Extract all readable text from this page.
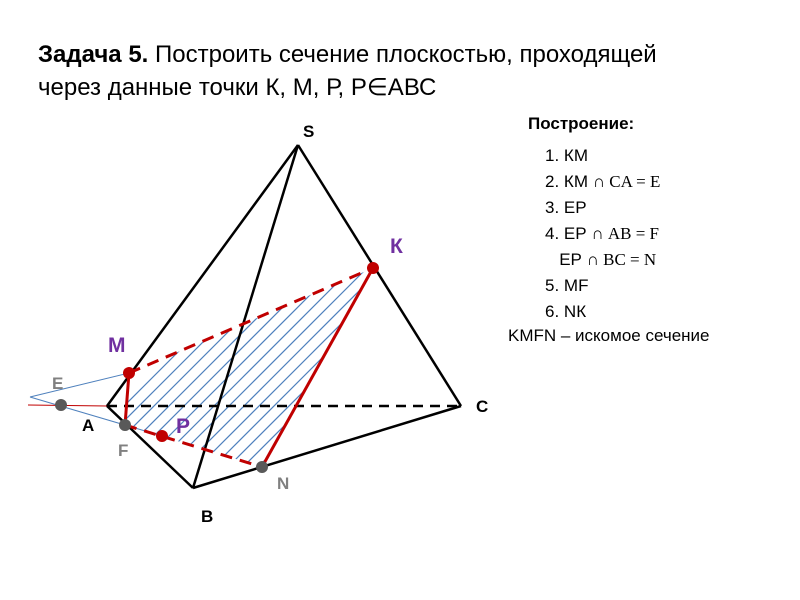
Задача 5. Построить сечение плоскостью, проходящей
через данные точки К, М, Р, Р∈АВС
Построение:
1. КМ
2. КМ ∩ CA = E
3. ЕР
4. ЕР ∩ AB = F
ЕР ∩ BC = N
5. МF
6. NК
KMFN – искомое сечение
S
К
М
E
A
F
Р
C
N
B
